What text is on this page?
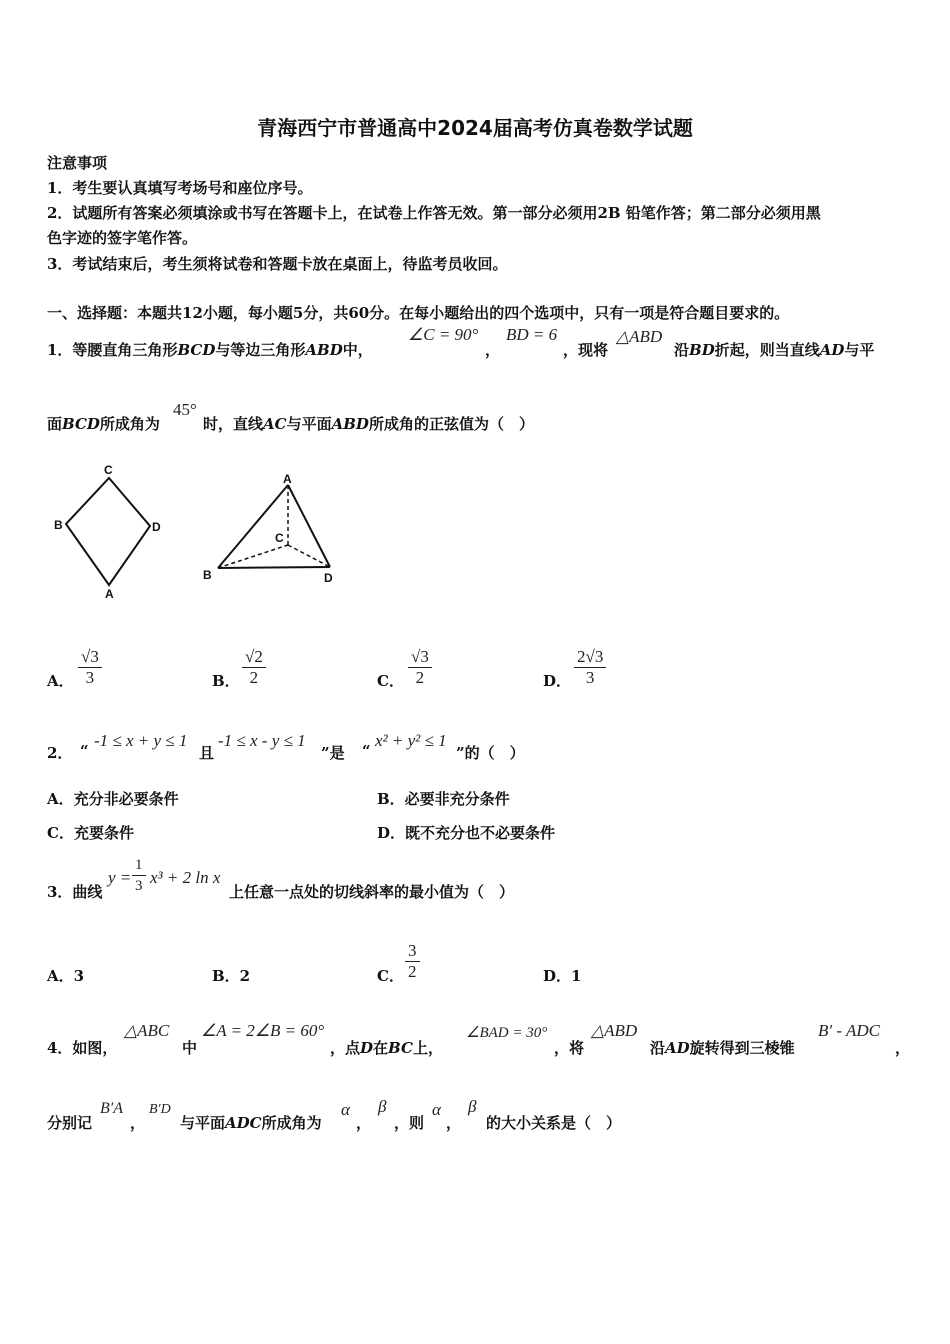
青海西宁市普通高中2024届高考仿真卷数学试题
注意事项
1．考生要认真填写考场号和座位序号。
2．试题所有答案必须填涂或书写在答题卡上，在试卷上作答无效。第一部分必须用2B 铅笔作答；第二部分必须用黑
色字迹的签字笔作答。
3．考试结束后，考生须将试卷和答题卡放在桌面上，待监考员收回。
一、选择题：本题共12小题，每小题5分，共60分。在每小题给出的四个选项中，只有一项是符合题目要求的。
1．等腰直角三角形BCD与等边三角形ABD中，
∠C = 90°
，
BD = 6
，现将
△ABD
沿BD折起，则当直线AD与平
面BCD所成角为
45°
时，直线AC与平面ABD所成角的正弦值为（　）
C
B	D
A
A
C
B	D
A． $\frac{√3}{3}$	B． $\frac{√2}{2}$	C． $\frac{√3}{2}$	D． $\frac{2√3}{3}$
2． “
-1 ≤ x + y ≤ 1
且
-1 ≤ x - y ≤ 1
”是 “
x² + y² ≤ 1
”的（　）
A．充分非必要条件	B．必要非充分条件
C．充要条件	D．既不充分也不必要条件
3．曲线
$y = \frac{1}{3} x^3 + 2$ ln x
上任意一点处的切线斜率的最小值为（　）
A．3	B．2	C． $\frac{3}{2}$	D．1
4．如图，
△ABC
中
∠A = 2∠B = 60°
，点D在BC上，
∠BAD = 30°
，将
△ABD
沿AD旋转得到三棱锥
B′ - ADC
，
分别记
B′A
，
B′D
与平面ADC所成角为
α
，
β
，则
α
，
β
的大小关系是（　）
